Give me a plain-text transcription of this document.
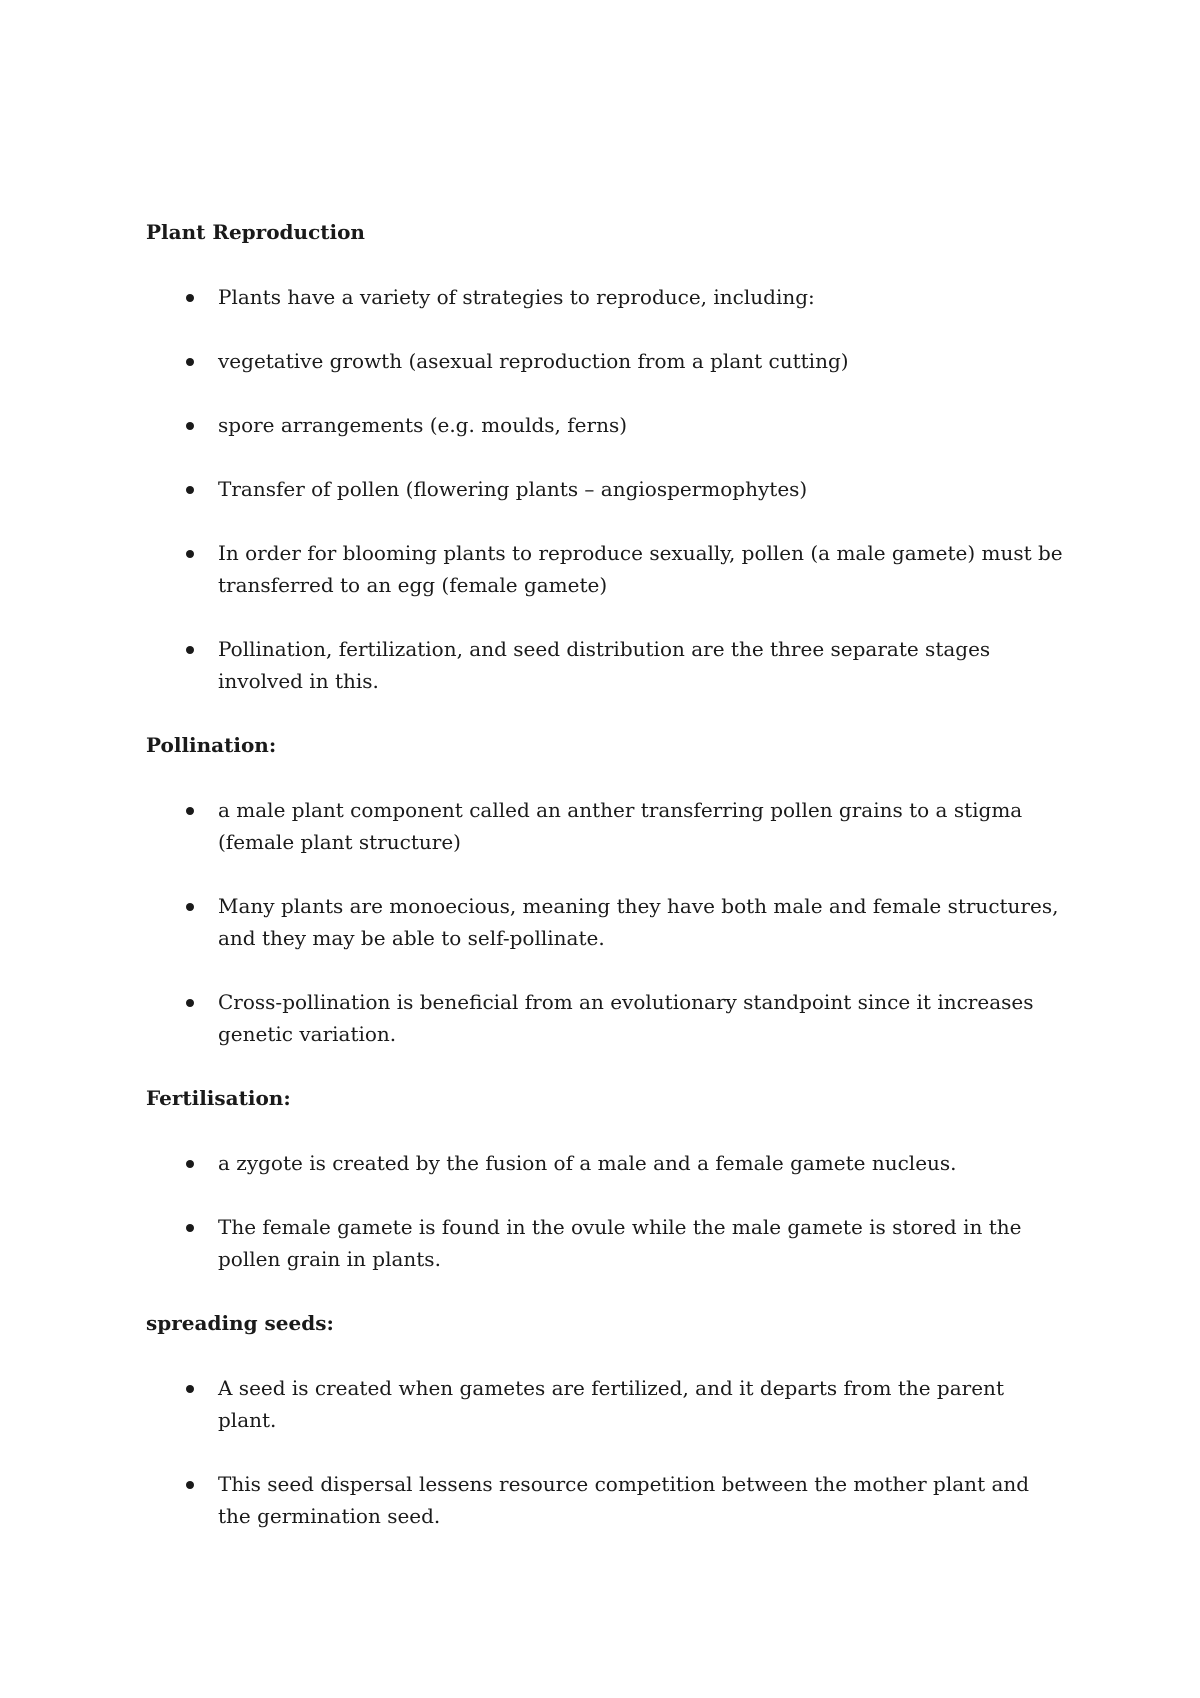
Plant Reproduction

Plants have a variety of strategies to reproduce, including:
vegetative growth (asexual reproduction from a plant cutting)
spore arrangements (e.g. moulds, ferns)
Transfer of pollen (flowering plants – angiospermophytes)
In order for blooming plants to reproduce sexually, pollen (a male gamete) must be transferred to an egg (female gamete)
Pollination, fertilization, and seed distribution are the three separate stages involved in this.

Pollination:

a male plant component called an anther transferring pollen grains to a stigma (female plant structure)
Many plants are monoecious, meaning they have both male and female structures, and they may be able to self-pollinate.
Cross-pollination is beneficial from an evolutionary standpoint since it increases genetic variation.

Fertilisation:

a zygote is created by the fusion of a male and a female gamete nucleus.
The female gamete is found in the ovule while the male gamete is stored in the pollen grain in plants.

spreading seeds:

A seed is created when gametes are fertilized, and it departs from the parent plant.
This seed dispersal lessens resource competition between the mother plant and the germination seed.
